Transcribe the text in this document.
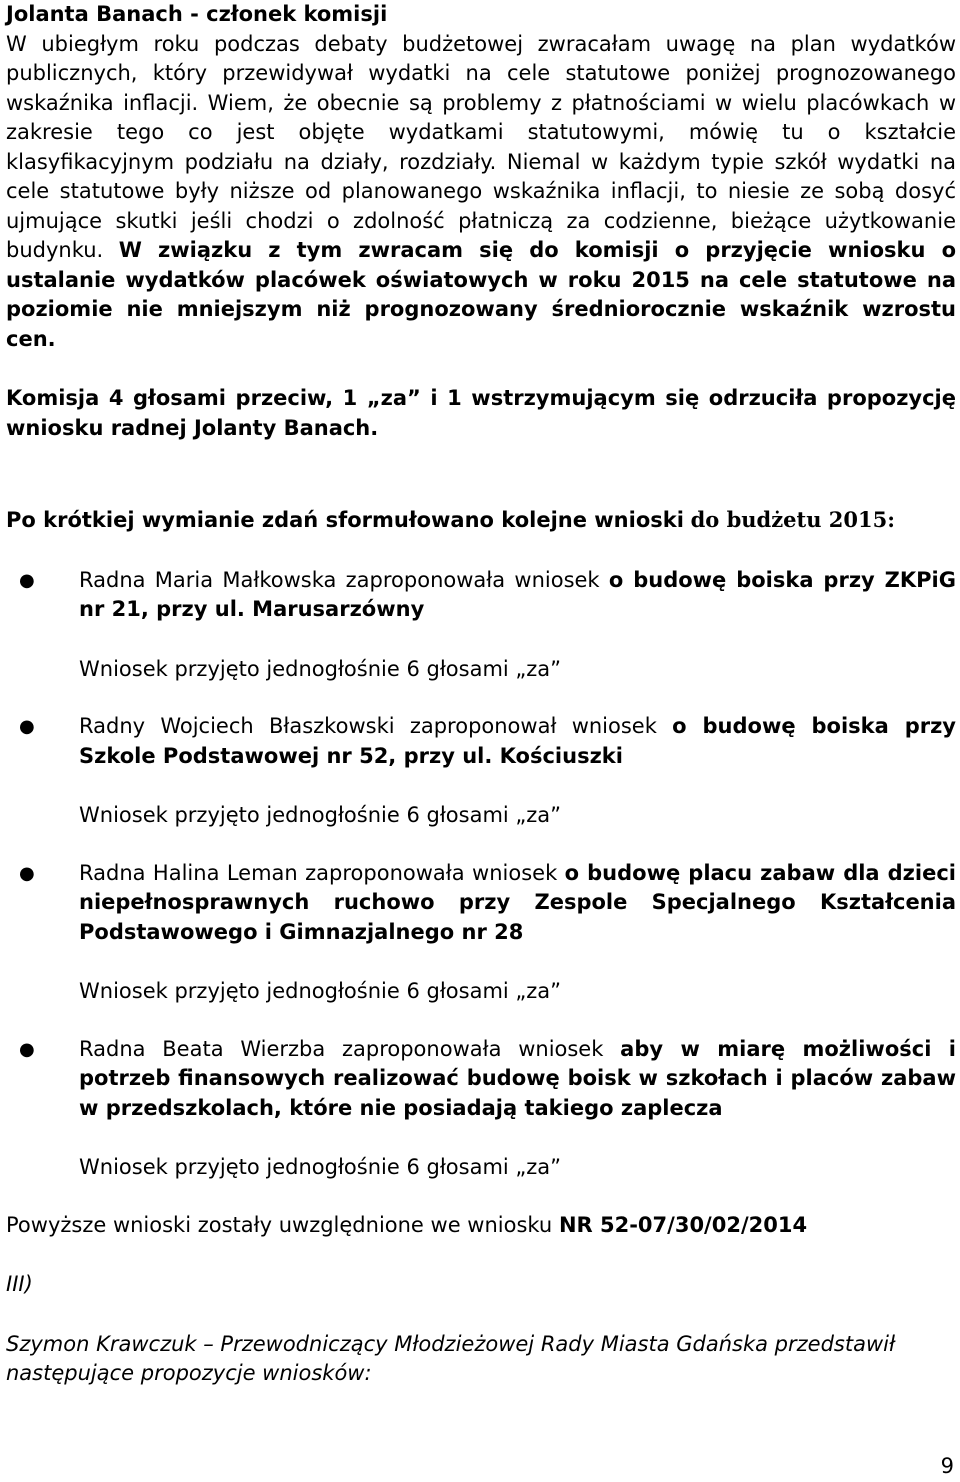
Jolanta Banach - członek komisji
W ubiegłym roku podczas debaty budżetowej zwracałam uwagę na plan wydatków publicznych, który przewidywał wydatki na cele statutowe poniżej prognozowanego wskaźnika inflacji. Wiem, że obecnie są problemy z płatnościami w wielu placówkach w zakresie tego co jest objęte wydatkami statutowymi, mówię tu o kształcie klasyfikacyjnym podziału na działy, rozdziały. Niemal w każdym typie szkół wydatki na cele statutowe były niższe od planowanego wskaźnika inflacji, to niesie ze sobą dosyć ujmujące skutki jeśli chodzi o zdolność płatniczą za codzienne, bieżące użytkowanie budynku. W związku z tym zwracam się do komisji o przyjęcie wniosku o ustalanie wydatków placówek oświatowych w roku 2015 na cele statutowe na poziomie nie mniejszym niż prognozowany średniorocznie wskaźnik wzrostu cen.

Komisja 4 głosami przeciw, 1 „za” i 1 wstrzymującym się odrzuciła propozycję wniosku radnej Jolanty Banach.

Po krótkiej wymianie zdań sformułowano kolejne wnioski do budżetu 2015:

● Radna Maria Małkowska zaproponowała wniosek o budowę boiska przy ZKPiG nr 21, przy ul. Marusarzówny

Wniosek przyjęto jednogłośnie 6 głosami „za”

● Radny Wojciech Błaszkowski zaproponował wniosek o budowę boiska przy Szkole Podstawowej nr 52, przy ul. Kościuszki

Wniosek przyjęto jednogłośnie 6 głosami „za”

● Radna Halina Leman zaproponowała wniosek o budowę placu zabaw dla dzieci niepełnosprawnych ruchowo przy Zespole Specjalnego Kształcenia Podstawowego i Gimnazjalnego nr 28

Wniosek przyjęto jednogłośnie 6 głosami „za”

● Radna Beata Wierzba zaproponowała wniosek aby w miarę możliwości i potrzeb finansowych realizować budowę boisk w szkołach i placów zabaw w przedszkolach, które nie posiadają takiego zaplecza

Wniosek przyjęto jednogłośnie 6 głosami „za”

Powyższe wnioski zostały uwzględnione we wniosku NR 52-07/30/02/2014

III)

Szymon Krawczuk – Przewodniczący Młodzieżowej Rady Miasta Gdańska przedstawił następujące propozycje wniosków:

9
